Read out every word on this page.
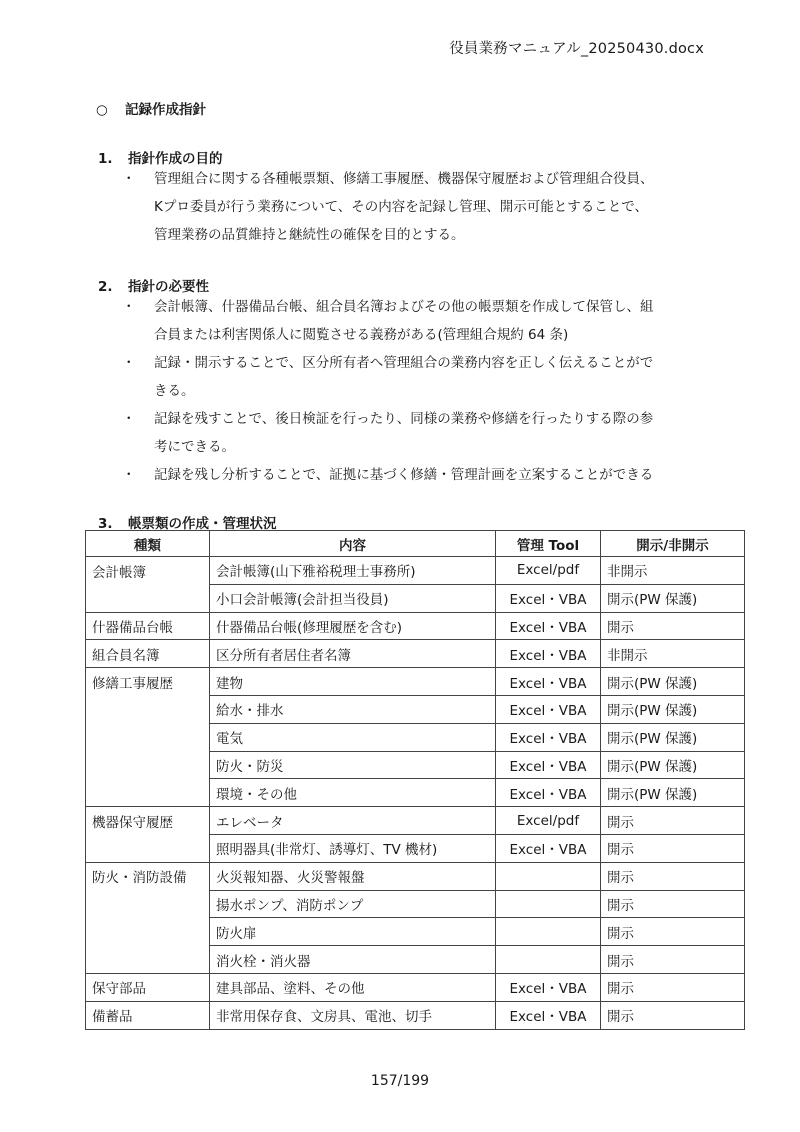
役員業務マニュアル_20250430.docx
○ 記録作成指針
1. 指針作成の目的
・ 管理組合に関する各種帳票類、修繕工事履歴、機器保守履歴および管理組合役員、
Kプロ委員が行う業務について、その内容を記録し管理、開示可能とすることで、
管理業務の品質維持と継続性の確保を目的とする。
2. 指針の必要性
・ 会計帳簿、什器備品台帳、組合員名簿およびその他の帳票類を作成して保管し、組
合員または利害関係人に閲覧させる義務がある(管理組合規約 64 条)
・ 記録・開示することで、区分所有者へ管理組合の業務内容を正しく伝えることがで
きる。
・ 記録を残すことで、後日検証を行ったり、同様の業務や修繕を行ったりする際の参
考にできる。
・ 記録を残し分析することで、証拠に基づく修繕・管理計画を立案することができる
3. 帳票類の作成・管理状況
種類	内容	管理 Tool	開示/非開示
会計帳簿	会計帳簿(山下雅裕税理士事務所)	Excel/pdf	非開示
	小口会計帳簿(会計担当役員)	Excel・VBA	開示(PW 保護)
什器備品台帳	什器備品台帳(修理履歴を含む)	Excel・VBA	開示
組合員名簿	区分所有者居住者名簿	Excel・VBA	非開示
修繕工事履歴	建物	Excel・VBA	開示(PW 保護)
	給水・排水	Excel・VBA	開示(PW 保護)
	電気	Excel・VBA	開示(PW 保護)
	防火・防災	Excel・VBA	開示(PW 保護)
	環境・その他	Excel・VBA	開示(PW 保護)
機器保守履歴	エレベータ	Excel/pdf	開示
	照明器具(非常灯、誘導灯、TV 機材)	Excel・VBA	開示
防火・消防設備	火災報知器、火災警報盤		開示
	揚水ポンプ、消防ポンプ		開示
	防火扉		開示
	消火栓・消火器		開示
保守部品	建具部品、塗料、その他	Excel・VBA	開示
備蓄品	非常用保存食、文房具、電池、切手	Excel・VBA	開示
157/199
